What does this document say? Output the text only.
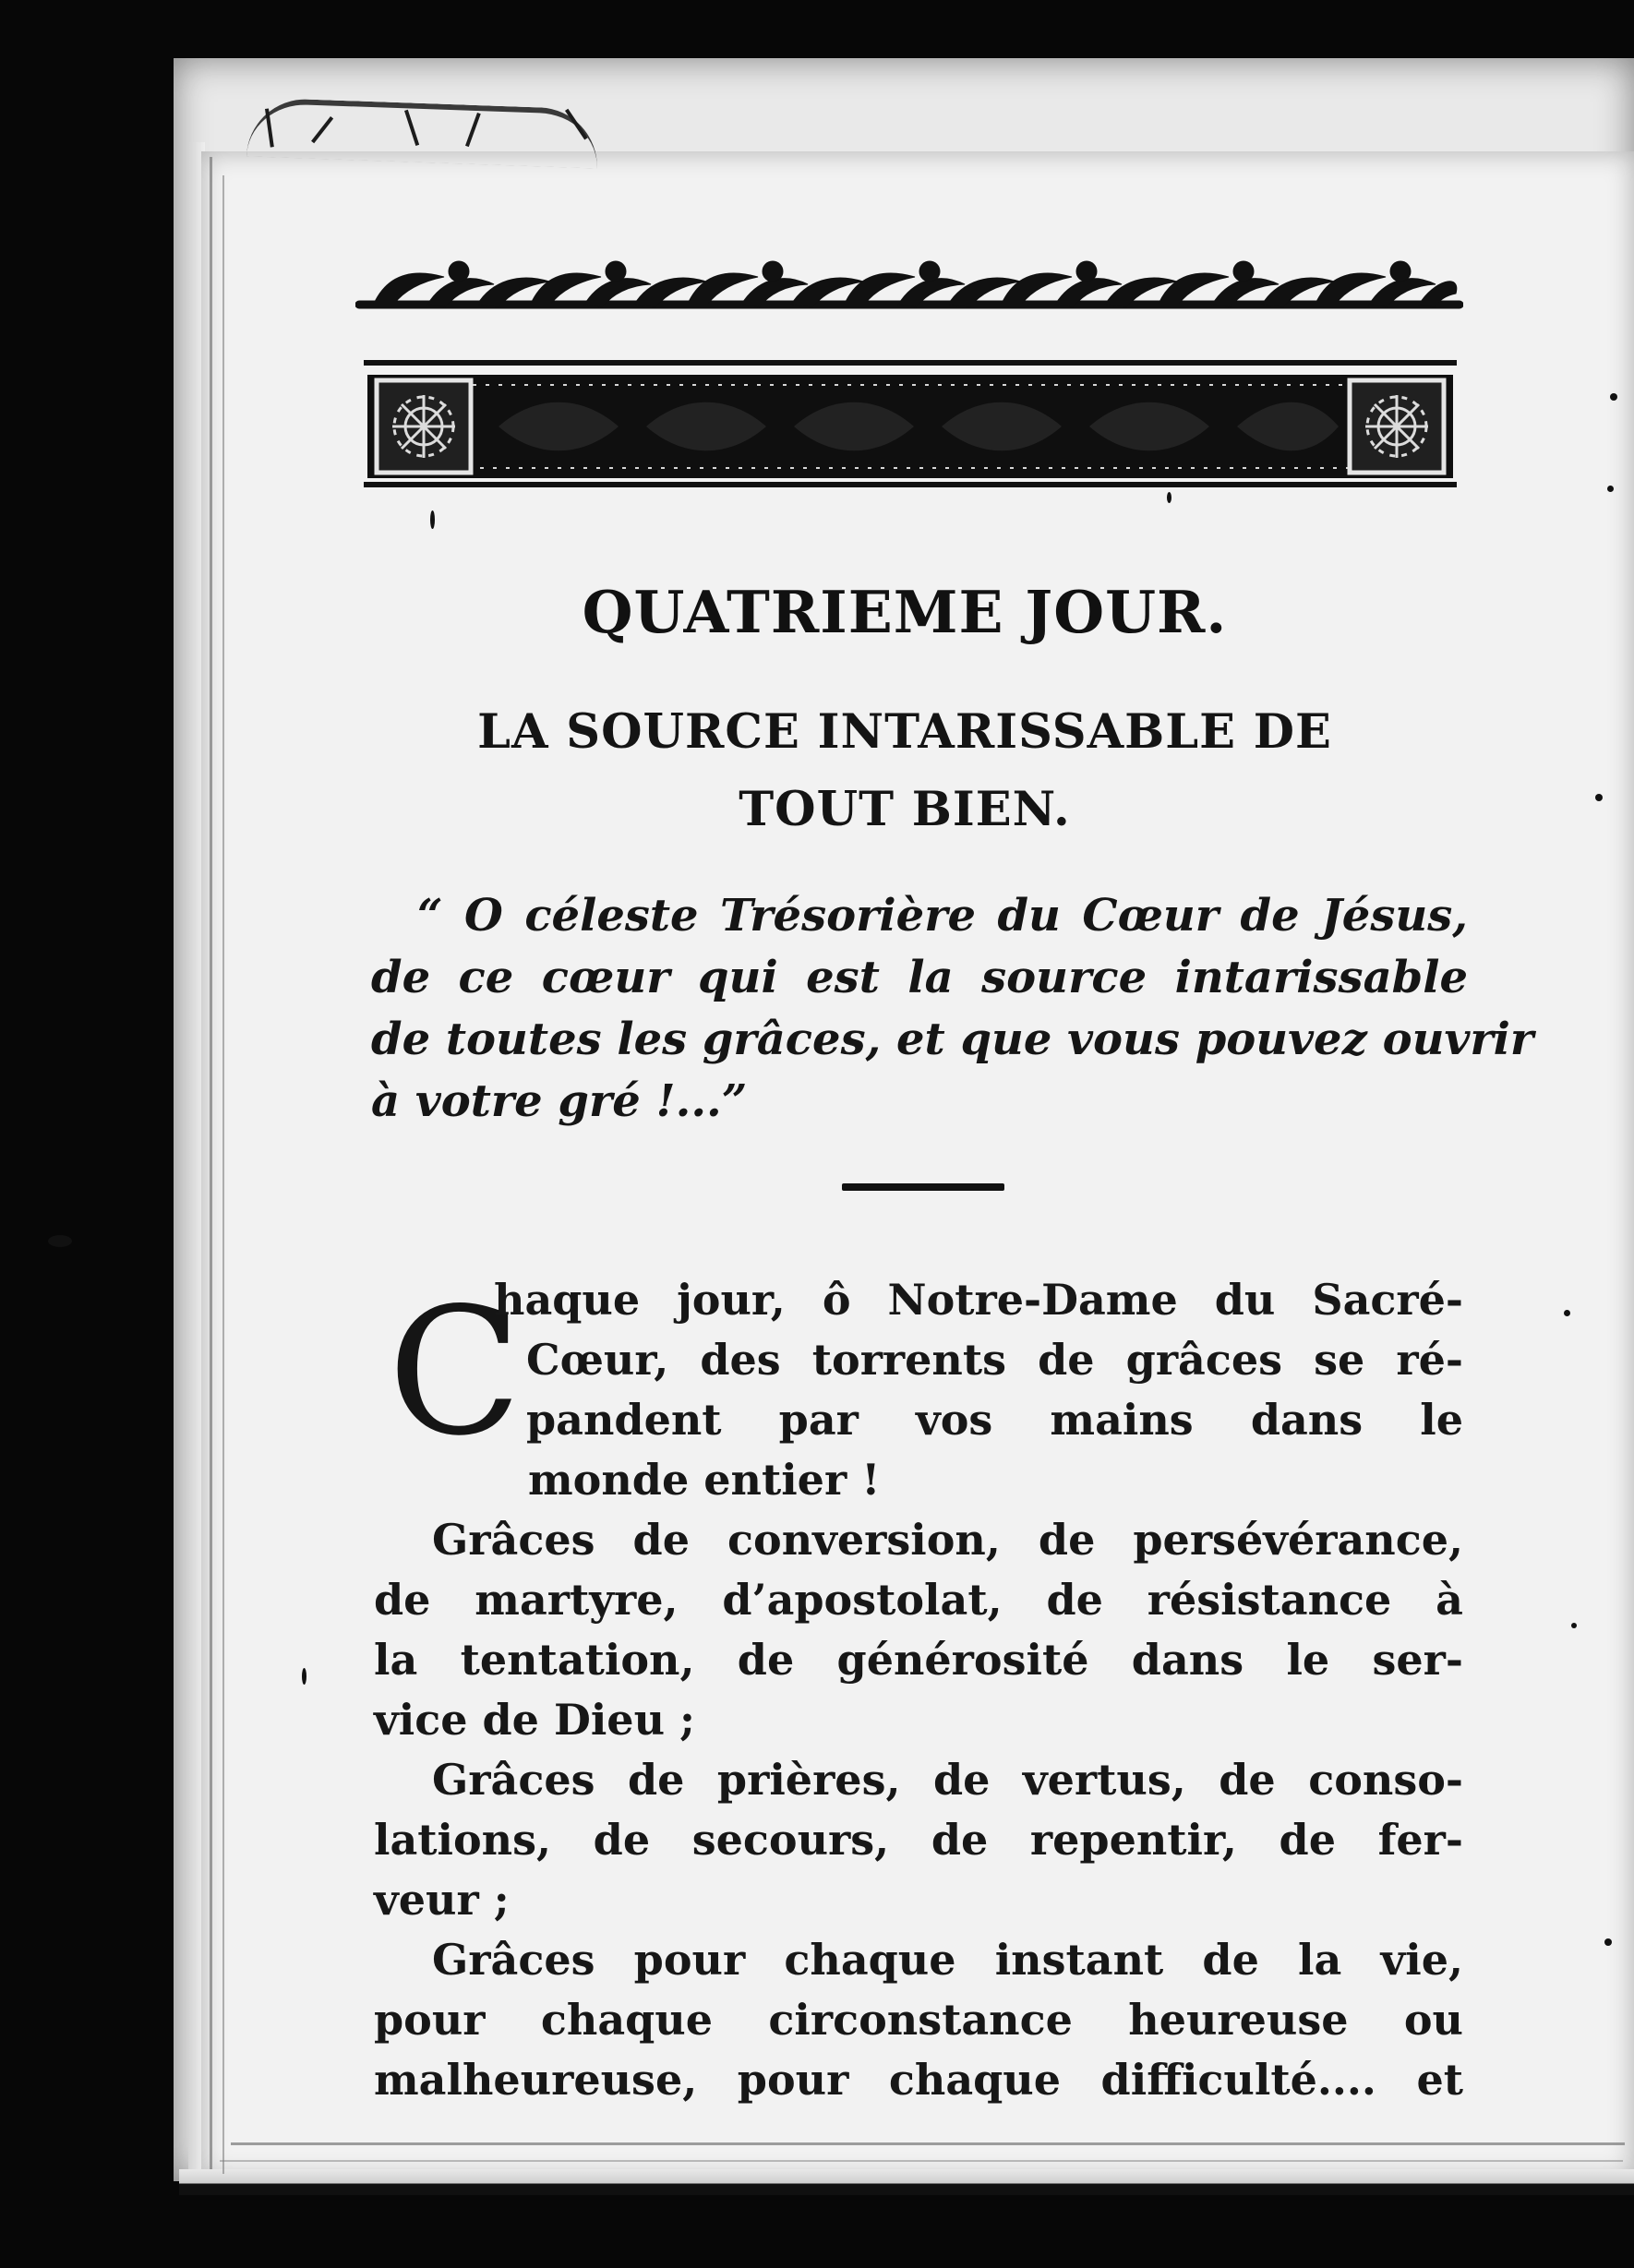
QUATRIEME JOUR.
LA SOURCE INTARISSABLE DE
TOUT BIEN.
“ O céleste Trésorière du Cœur de Jésus,
de ce cœur qui est la source intarissable
de toutes les grâces, et que vous pouvez ouvrir
à votre gré !...”
C
haque jour, ô Notre-Dame du Sacré-
Cœur, des torrents de grâces se ré-
pandent par vos mains dans le
monde entier !
Grâces de conversion, de persévérance,
de martyre, d’apostolat, de résistance à
la tentation, de générosité dans le ser-
vice de Dieu ;
Grâces de prières, de vertus, de conso-
lations, de secours, de repentir, de fer-
veur ;
Grâces pour chaque instant de la vie,
pour chaque circonstance heureuse ou
malheureuse, pour chaque difficulté.... et
